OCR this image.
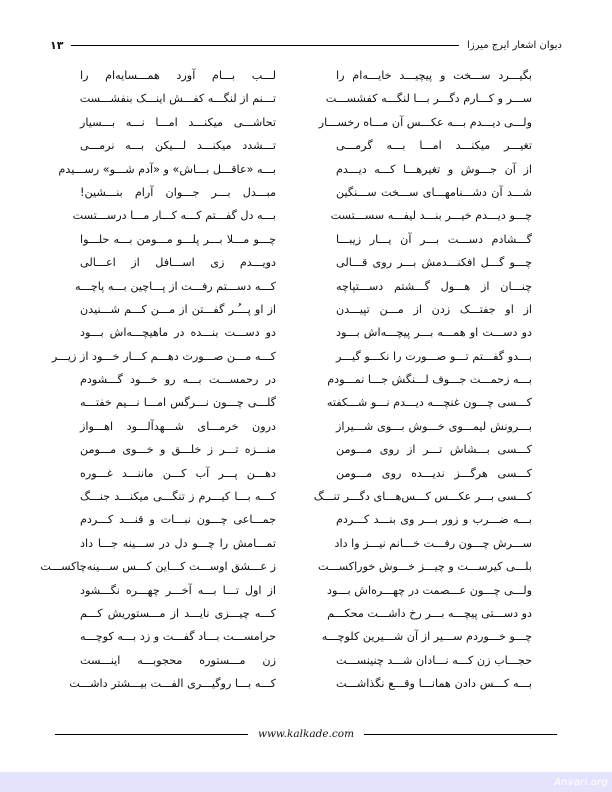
دیوان اشعار ایرج میرزا
۱۳
بگیـــرد ســـخت و پیچیـــد خایـــه‌ام را
ســـر و کـــارم دگـــر بـــا لنگـــه کفشســـت
ولـــی دیـــدم بـــه عکـــس آن مـــاه رخســـار
تغیـــر میکنـــد امـــا بـــه گرمـــی
از آن جـــوش و تغیرهـــا کـــه دیـــدم
شـــد آن دشـــنامهـــای ســـخت ســـنگین
چـــو دیـــدم خیـــر بنـــد لیفـــه سســـتست
گـــشادم دســـت بـــر آن یـــار زیبـــا
چـــو گـــل افکنـــدمش بـــر روی قـــالی
چنـــان از هـــول گـــشتم دســـتپاچه
از او جفتـــک زدن از مـــن تپیـــدن
دو دســـت او همـــه بـــر پیچـــه‌اش بـــود
بـــدو گفـــتم تـــو صـــورت را نکـــو گیـــر
بـــه زحمـــت جـــوف لـــنگش جـــا نمـــودم
کـــسی چـــون غنچـــه دیـــدم نـــو شـــکفته
بـــرونش لیمـــوی خـــوش بـــوی شـــیراز
کـــسی بـــشاش تـــر از روی مـــومن
کـــسی هرگـــز ندیـــده روی مـــومن
کـــسی بـــر عکـــس کـــس‌هـــای دگـــر تنـــگ
بـــه ضـــرب و زور بـــر وی بنـــد کـــردم
ســـرش چـــون رفـــت خـــانم نیـــز وا داد
بلـــی کیرســـت و چیـــز خـــوش خوراکســـت
ولـــی چـــون عـــصمت در چهـــره‌اش بـــود
دو دســـتی پیچـــه بـــر رخ داشـــت محکـــم
چـــو خـــوردم ســـیر از آن شـــیرین کلوچـــه
حجـــاب زن کـــه نـــادان شـــد چنینســـت
بـــه کـــس دادن همانـــا وقـــع نگذاشـــت
لـــب بـــام آورد همـــسایه‌ام را
تـــنم از لنگـــه کفـــش اینـــک بنفشـــست
تحاشـــی میکنـــد امـــا نـــه بـــسیار
تـــشدد میکنـــد لـــیکن بـــه نرمـــی
بـــه «عاقـــل بـــاش» و «آدم شـــو» رســـیدم
مبـــدل بـــر جـــوان آرام بنـــشین!
بـــه دل گفـــتم کـــه کـــار مـــا درســـتست
چـــو مـــلا بـــر پلـــو مـــومن بـــه حلـــوا
دویـــدم زی اســـافل از اعـــالی
کـــه دســـتم رفـــت از پـــاچین بـــه پاچـــه
از او پـــُـر گفـــتن از مـــن کـــم شـــنیدن
دو دســـت بنـــده در ماهیچـــه‌اش بـــود
کـــه مـــن صـــورت دهـــم کـــار خـــود از زیـــر
در رحمســـت بـــه رو خـــود گـــشودم
گلـــی چـــون نـــرگس امـــا نـــیم خفتـــه
درون خرمـــای شـــهدآلـــود اهـــواز
منـــزه تـــر ز خلـــق و خـــوی مـــومن
دهـــن پـــر آب کـــن ماننـــد غـــوره
کـــه بـــا کیـــرم ز تنگـــی میکنـــد جنـــگ
جمـــاعی چـــون نبـــات و قنـــد کـــردم
تمـــامش را چـــو دل در ســـینه جـــا داد
ز عـــشق اوســـت کـــاین کـــس ســـینه‌چاکســـت
از اول تـــا بـــه آخـــر چهـــره نگـــشود
کـــه چیـــزی نایـــد از مـــستوریش کـــم
حرامســـت بـــاد گفـــت و زد بـــه کوچـــه
زن مـــستوره محجوبـــه اینـــست
کـــه بـــا روگیـــری الفـــت بیـــشتر داشـــت
www.kalkade.com
Anvari.org
